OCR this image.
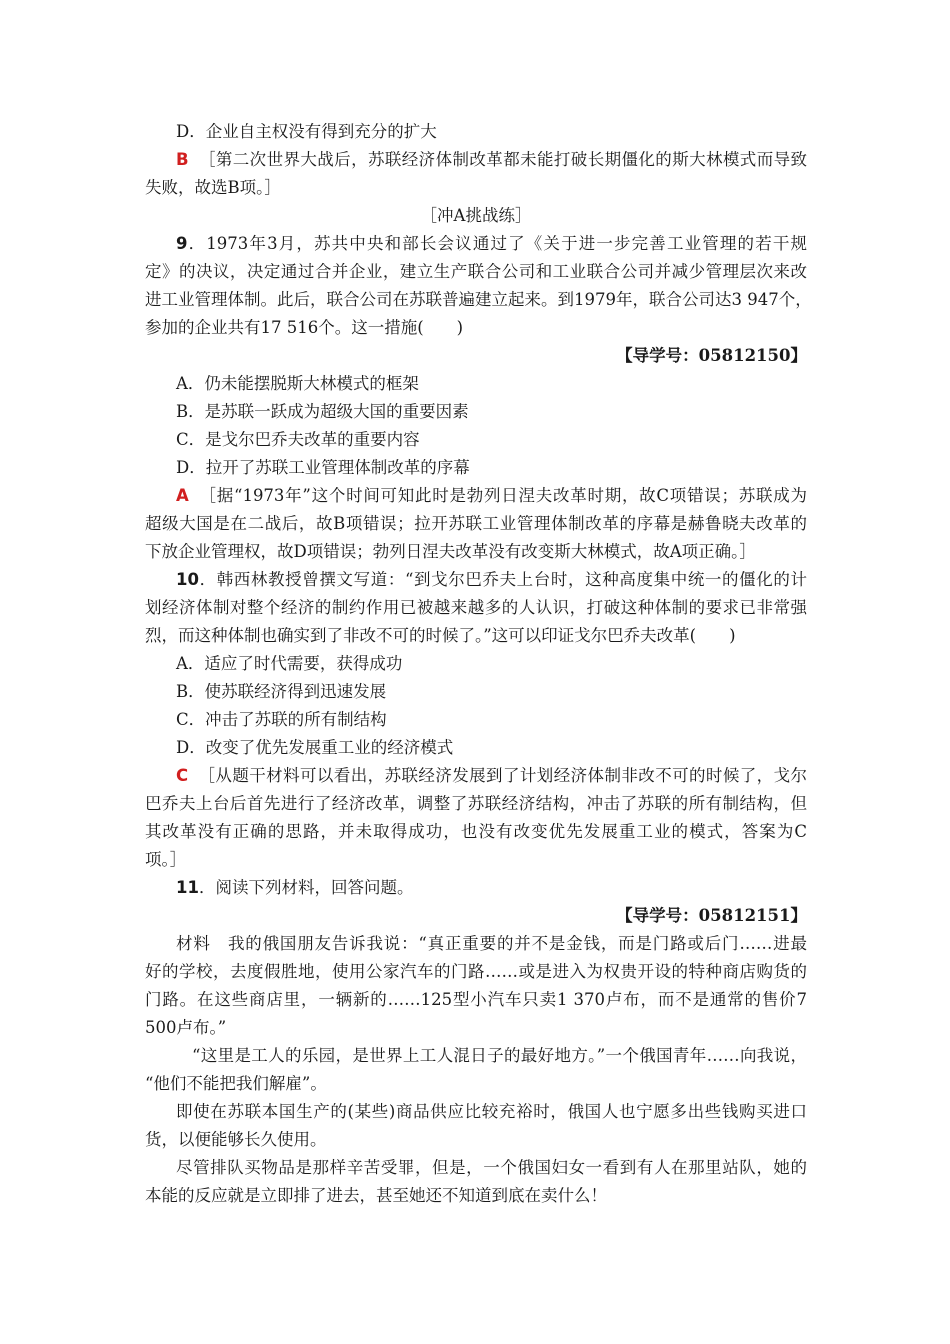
D．企业自主权没有得到充分的扩大
B ［第二次世界大战后，苏联经济体制改革都未能打破长期僵化的斯大林模式而导致
失败，故选B项。］
［冲A挑战练］
9．1973年3月，苏共中央和部长会议通过了《关于进一步完善工业管理的若干规
定》的决议，决定通过合并企业，建立生产联合公司和工业联合公司并减少管理层次来改
进工业管理体制。此后，联合公司在苏联普遍建立起来。到1979年，联合公司达3 947个，
参加的企业共有17 516个。这一措施(　　)
【导学号：05812150】
A．仍未能摆脱斯大林模式的框架
B．是苏联一跃成为超级大国的重要因素
C．是戈尔巴乔夫改革的重要内容
D．拉开了苏联工业管理体制改革的序幕
A ［据“1973年”这个时间可知此时是勃列日涅夫改革时期，故C项错误；苏联成为
超级大国是在二战后，故B项错误；拉开苏联工业管理体制改革的序幕是赫鲁晓夫改革的
下放企业管理权，故D项错误；勃列日涅夫改革没有改变斯大林模式，故A项正确。］
10．韩西林教授曾撰文写道：“到戈尔巴乔夫上台时，这种高度集中统一的僵化的计
划经济体制对整个经济的制约作用已被越来越多的人认识，打破这种体制的要求已非常强
烈，而这种体制也确实到了非改不可的时候了。”这可以印证戈尔巴乔夫改革(　　)
A．适应了时代需要，获得成功
B．使苏联经济得到迅速发展
C．冲击了苏联的所有制结构
D．改变了优先发展重工业的经济模式
C ［从题干材料可以看出，苏联经济发展到了计划经济体制非改不可的时候了，戈尔
巴乔夫上台后首先进行了经济改革，调整了苏联经济结构，冲击了苏联的所有制结构，但
其改革没有正确的思路，并未取得成功，也没有改变优先发展重工业的模式，答案为C
项。］
11．阅读下列材料，回答问题。
【导学号：05812151】
材料　我的俄国朋友告诉我说：“真正重要的并不是金钱，而是门路或后门……进最
好的学校，去度假胜地，使用公家汽车的门路……或是进入为权贵开设的特种商店购货的
门路。在这些商店里，一辆新的……125型小汽车只卖1 370卢布，而不是通常的售价7
500卢布。”
“这里是工人的乐园，是世界上工人混日子的最好地方。”一个俄国青年……向我说，
“他们不能把我们解雇”。
即使在苏联本国生产的(某些)商品供应比较充裕时，俄国人也宁愿多出些钱购买进口
货，以便能够长久使用。
尽管排队买物品是那样辛苦受罪，但是，一个俄国妇女一看到有人在那里站队，她的
本能的反应就是立即排了进去，甚至她还不知道到底在卖什么！
